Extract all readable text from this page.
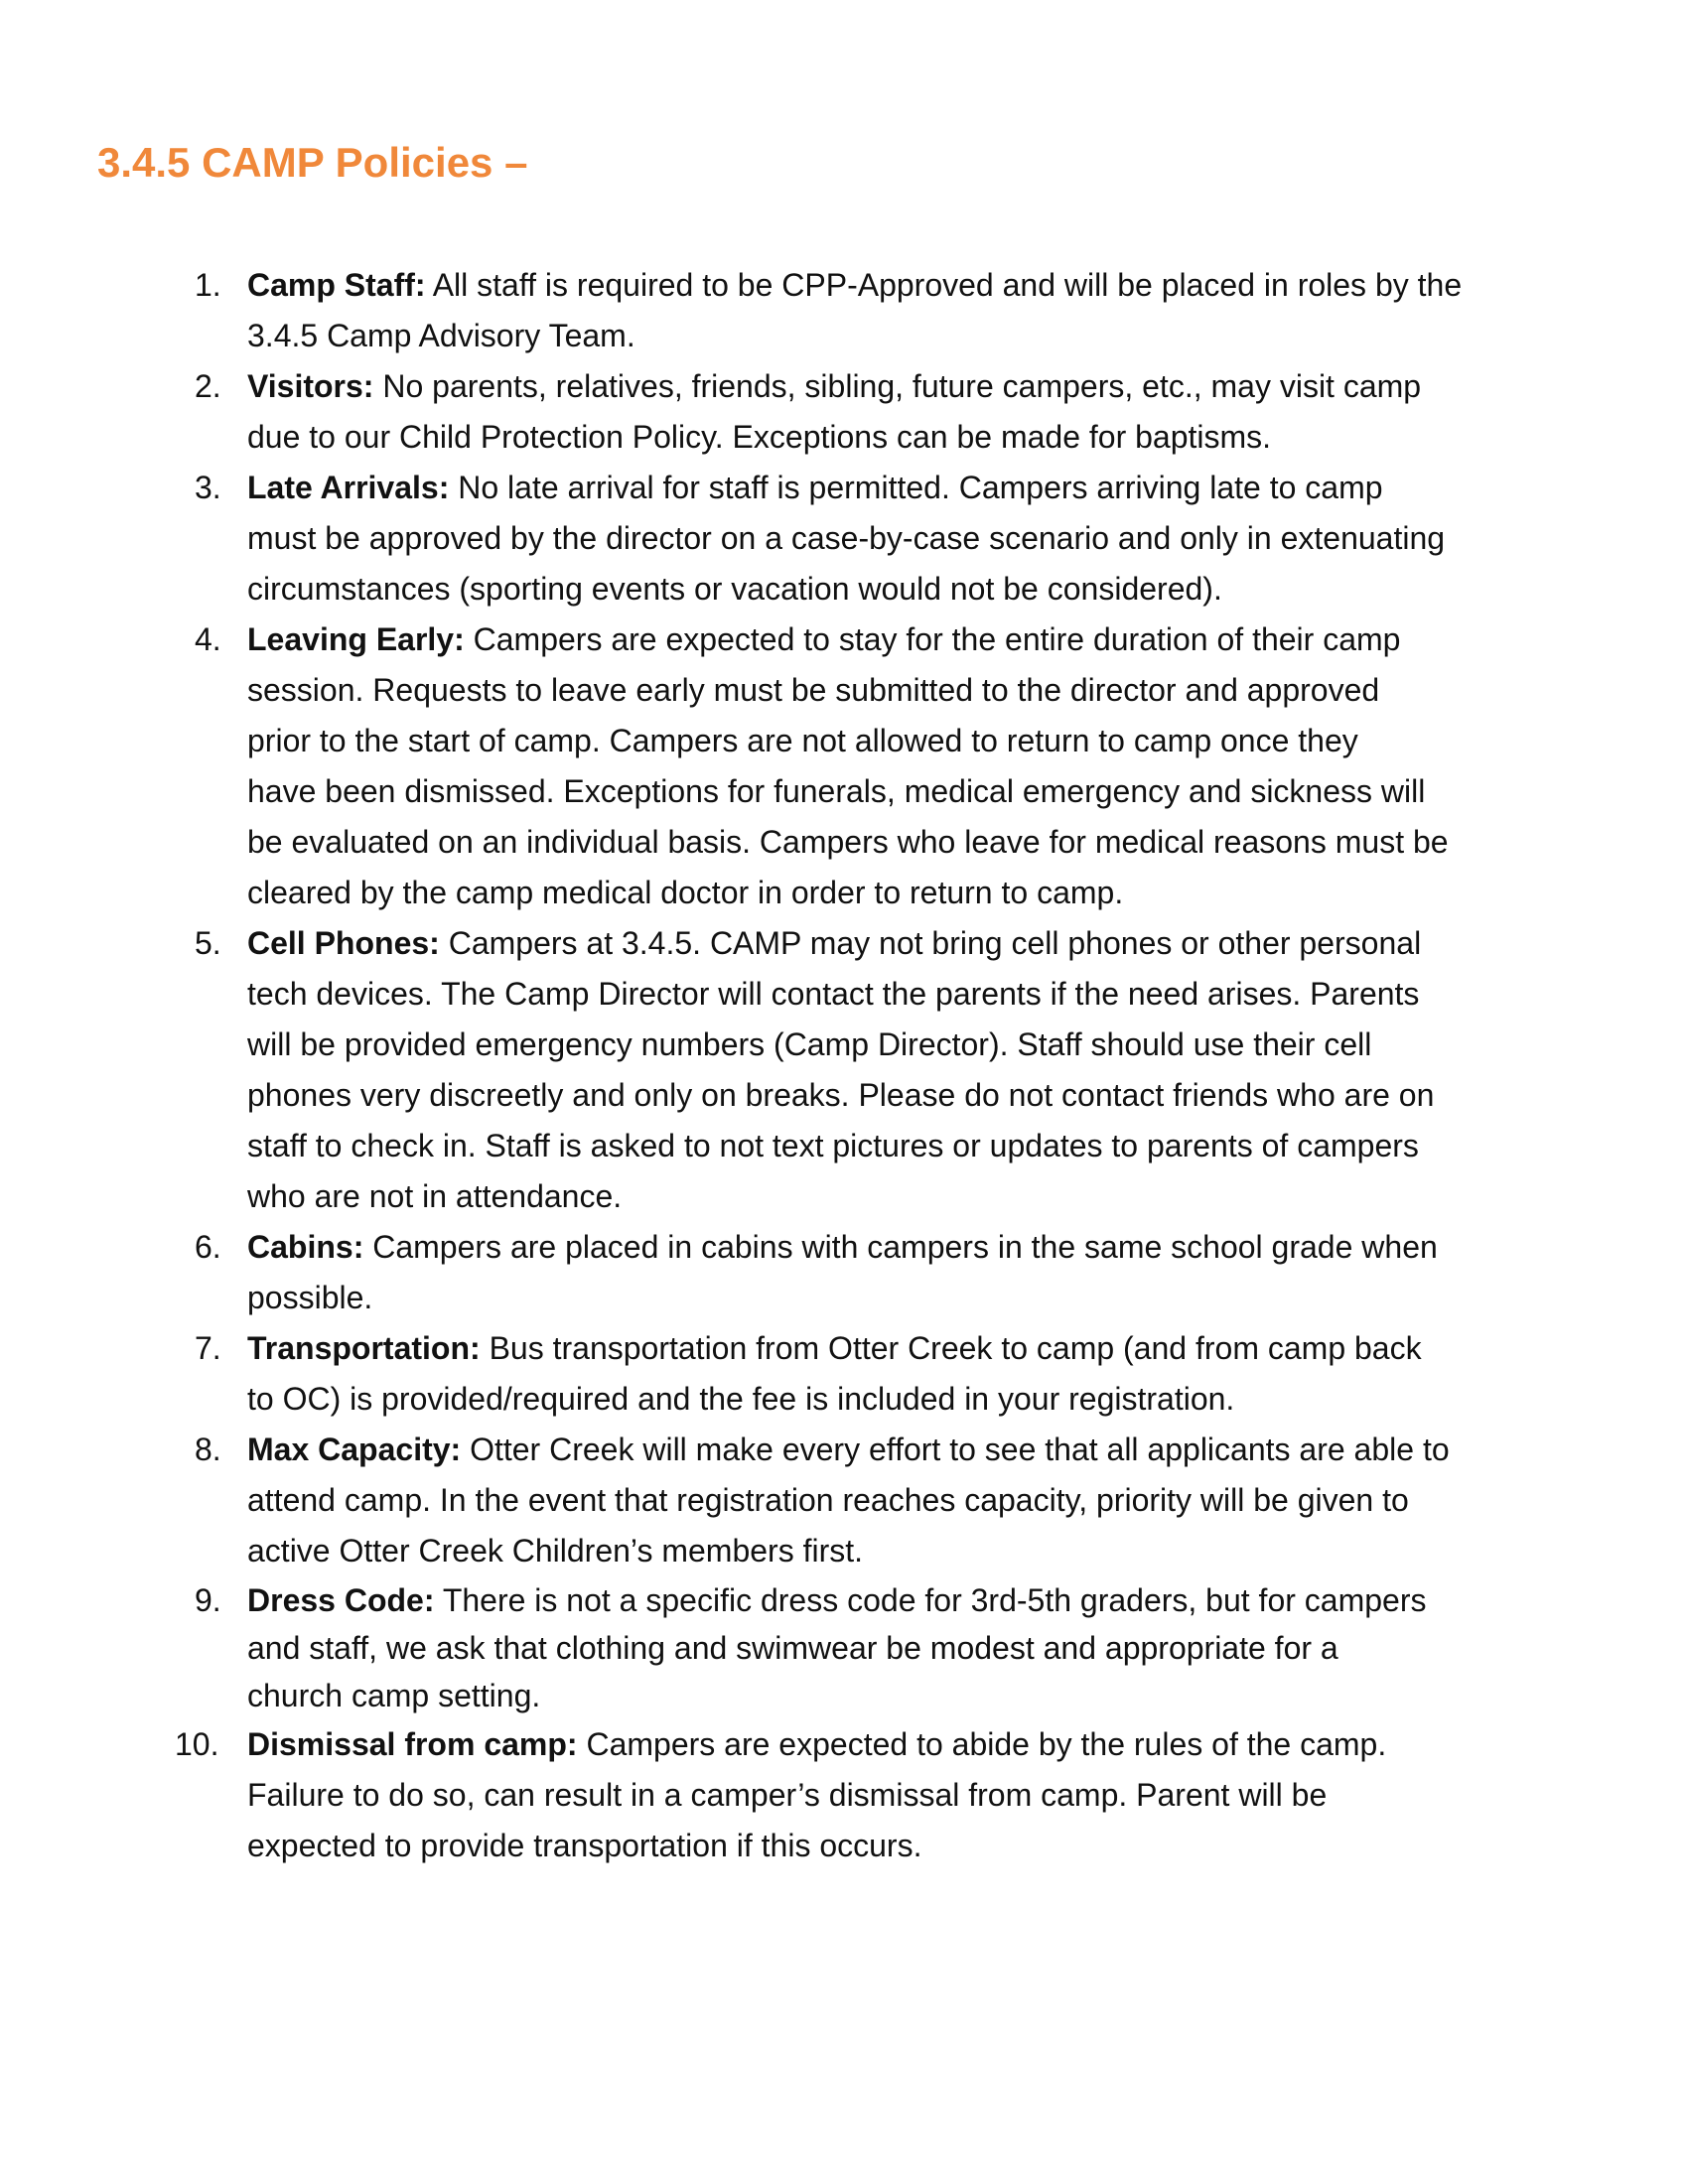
3.4.5 CAMP Policies –
1. Camp Staff: All staff is required to be CPP-Approved and will be placed in roles by the
3.4.5 Camp Advisory Team.
2. Visitors: No parents, relatives, friends, sibling, future campers, etc., may visit camp
due to our Child Protection Policy. Exceptions can be made for baptisms.
3. Late Arrivals: No late arrival for staff is permitted. Campers arriving late to camp
must be approved by the director on a case-by-case scenario and only in extenuating
circumstances (sporting events or vacation would not be considered).
4. Leaving Early: Campers are expected to stay for the entire duration of their camp
session. Requests to leave early must be submitted to the director and approved
prior to the start of camp. Campers are not allowed to return to camp once they
have been dismissed. Exceptions for funerals, medical emergency and sickness will
be evaluated on an individual basis. Campers who leave for medical reasons must be
cleared by the camp medical doctor in order to return to camp.
5. Cell Phones: Campers at 3.4.5. CAMP may not bring cell phones or other personal
tech devices. The Camp Director will contact the parents if the need arises. Parents
will be provided emergency numbers (Camp Director). Staff should use their cell
phones very discreetly and only on breaks. Please do not contact friends who are on
staff to check in. Staff is asked to not text pictures or updates to parents of campers
who are not in attendance.
6. Cabins: Campers are placed in cabins with campers in the same school grade when
possible.
7. Transportation: Bus transportation from Otter Creek to camp (and from camp back
to OC) is provided/required and the fee is included in your registration.
8. Max Capacity: Otter Creek will make every effort to see that all applicants are able to
attend camp. In the event that registration reaches capacity, priority will be given to
active Otter Creek Children’s members first.
9. Dress Code: There is not a specific dress code for 3rd-5th graders, but for campers
and staff, we ask that clothing and swimwear be modest and appropriate for a
church camp setting.
10. Dismissal from camp: Campers are expected to abide by the rules of the camp.
Failure to do so, can result in a camper’s dismissal from camp. Parent will be
expected to provide transportation if this occurs.
